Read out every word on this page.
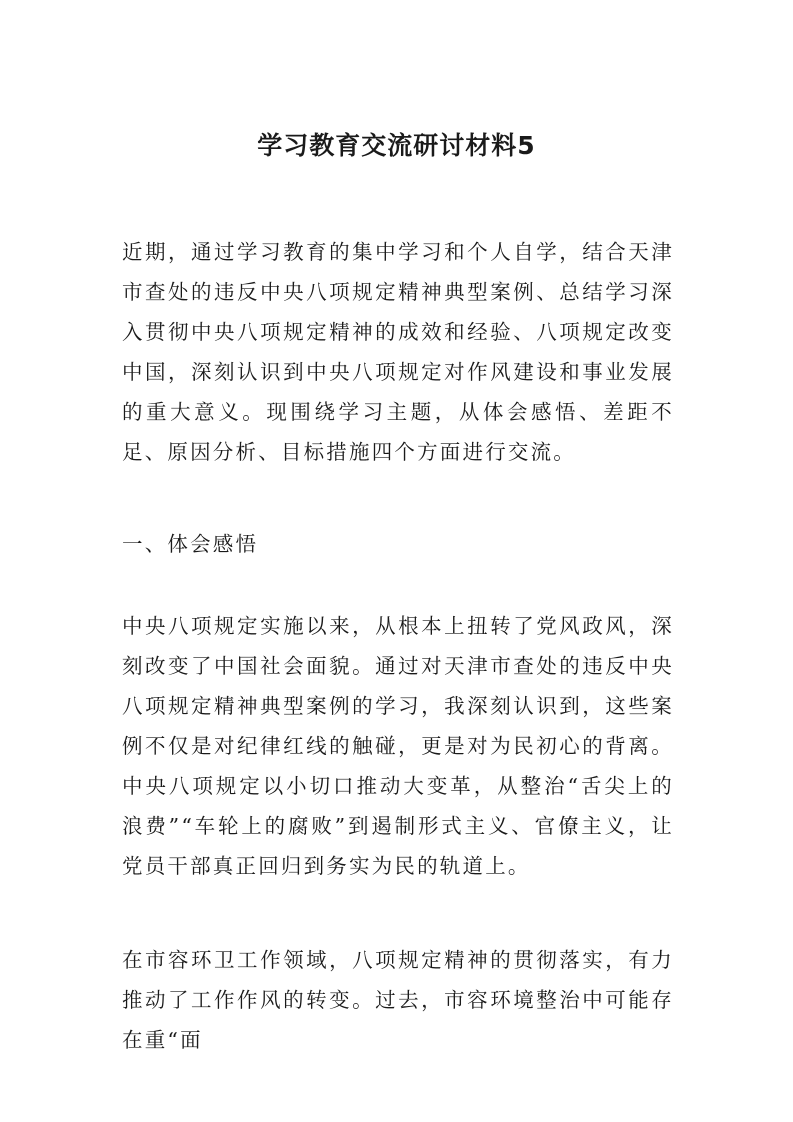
学习教育交流研讨材料5

近期，通过学习教育的集中学习和个人自学，结合天津市查处的违反中央八项规定精神典型案例、总结学习深入贯彻中央八项规定精神的成效和经验、八项规定改变中国，深刻认识到中央八项规定对作风建设和事业发展的重大意义。现围绕学习主题，从体会感悟、差距不足、原因分析、目标措施四个方面进行交流。

一、体会感悟

中央八项规定实施以来，从根本上扭转了党风政风，深刻改变了中国社会面貌。通过对天津市查处的违反中央八项规定精神典型案例的学习，我深刻认识到，这些案例不仅是对纪律红线的触碰，更是对为民初心的背离。中央八项规定以小切口推动大变革，从整治“舌尖上的浪费”“车轮上的腐败”到遏制形式主义、官僚主义，让党员干部真正回归到务实为民的轨道上。

在市容环卫工作领域，八项规定精神的贯彻落实，有力推动了工作作风的转变。过去，市容环境整治中可能存在重“面
